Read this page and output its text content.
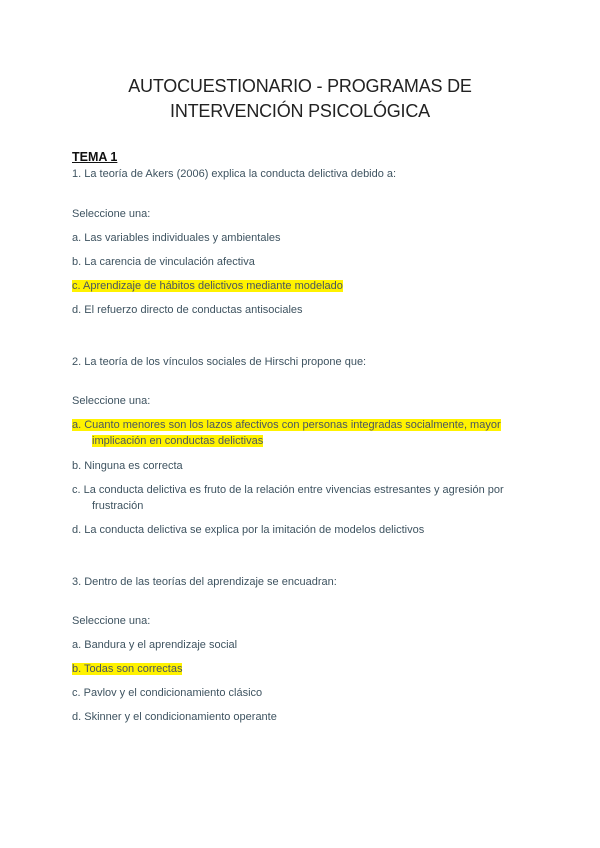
AUTOCUESTIONARIO - PROGRAMAS DE
INTERVENCIÓN PSICOLÓGICA
TEMA 1
1. La teoría de Akers (2006) explica la conducta delictiva debido a:
Seleccione una:
a. Las variables individuales y ambientales
b. La carencia de vinculación afectiva
c. Aprendizaje de hábitos delictivos mediante modelado
d. El refuerzo directo de conductas antisociales
2. La teoría de los vínculos sociales de Hirschi propone que:
Seleccione una:
a. Cuanto menores son los lazos afectivos con personas integradas socialmente, mayor
implicación en conductas delictivas
b. Ninguna es correcta
c. La conducta delictiva es fruto de la relación entre vivencias estresantes y agresión por
frustración
d. La conducta delictiva se explica por la imitación de modelos delictivos
3. Dentro de las teorías del aprendizaje se encuadran:
Seleccione una:
a. Bandura y el aprendizaje social
b. Todas son correctas
c. Pavlov y el condicionamiento clásico
d. Skinner y el condicionamiento operante
